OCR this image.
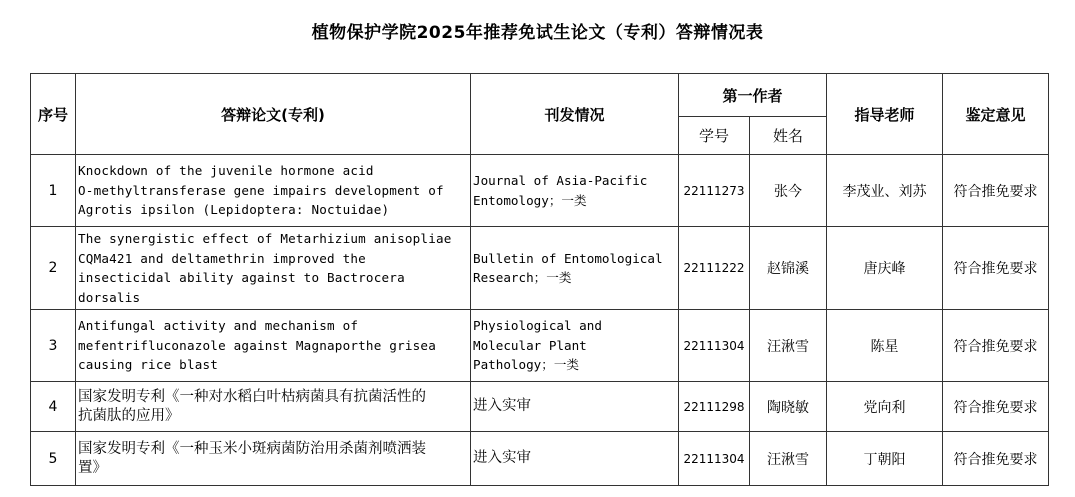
植物保护学院2025年推荐免试生论文（专利）答辩情况表
序号	答辩论文(专利)	刊发情况	第一作者		指导老师	鉴定意见
			学号	姓名		
1	Knockdown of the juvenile hormone acid
O-methyltransferase gene impairs development of
Agrotis ipsilon (Lepidoptera: Noctuidae)	Journal of Asia-Pacific
Entomology；一类	22111273	张今	李茂业、刘苏	符合推免要求
2	The synergistic effect of Metarhizium anisopliae
CQMa421 and deltamethrin improved the
insecticidal ability against to Bactrocera
dorsalis	Bulletin of Entomological
Research；一类	22111222	赵锦溪	唐庆峰	符合推免要求
3	Antifungal activity and mechanism of
mefentrifluconazole against Magnaporthe grisea
causing rice blast	Physiological and
Molecular Plant
Pathology；一类	22111304	汪湫雪	陈星	符合推免要求
4	国家发明专利《一种对水稻白叶枯病菌具有抗菌活性的
抗菌肽的应用》	进入实审	22111298	陶晓敏	党向利	符合推免要求
5	国家发明专利《一种玉米小斑病菌防治用杀菌剂喷洒装
置》	进入实审	22111304	汪湫雪	丁朝阳	符合推免要求
